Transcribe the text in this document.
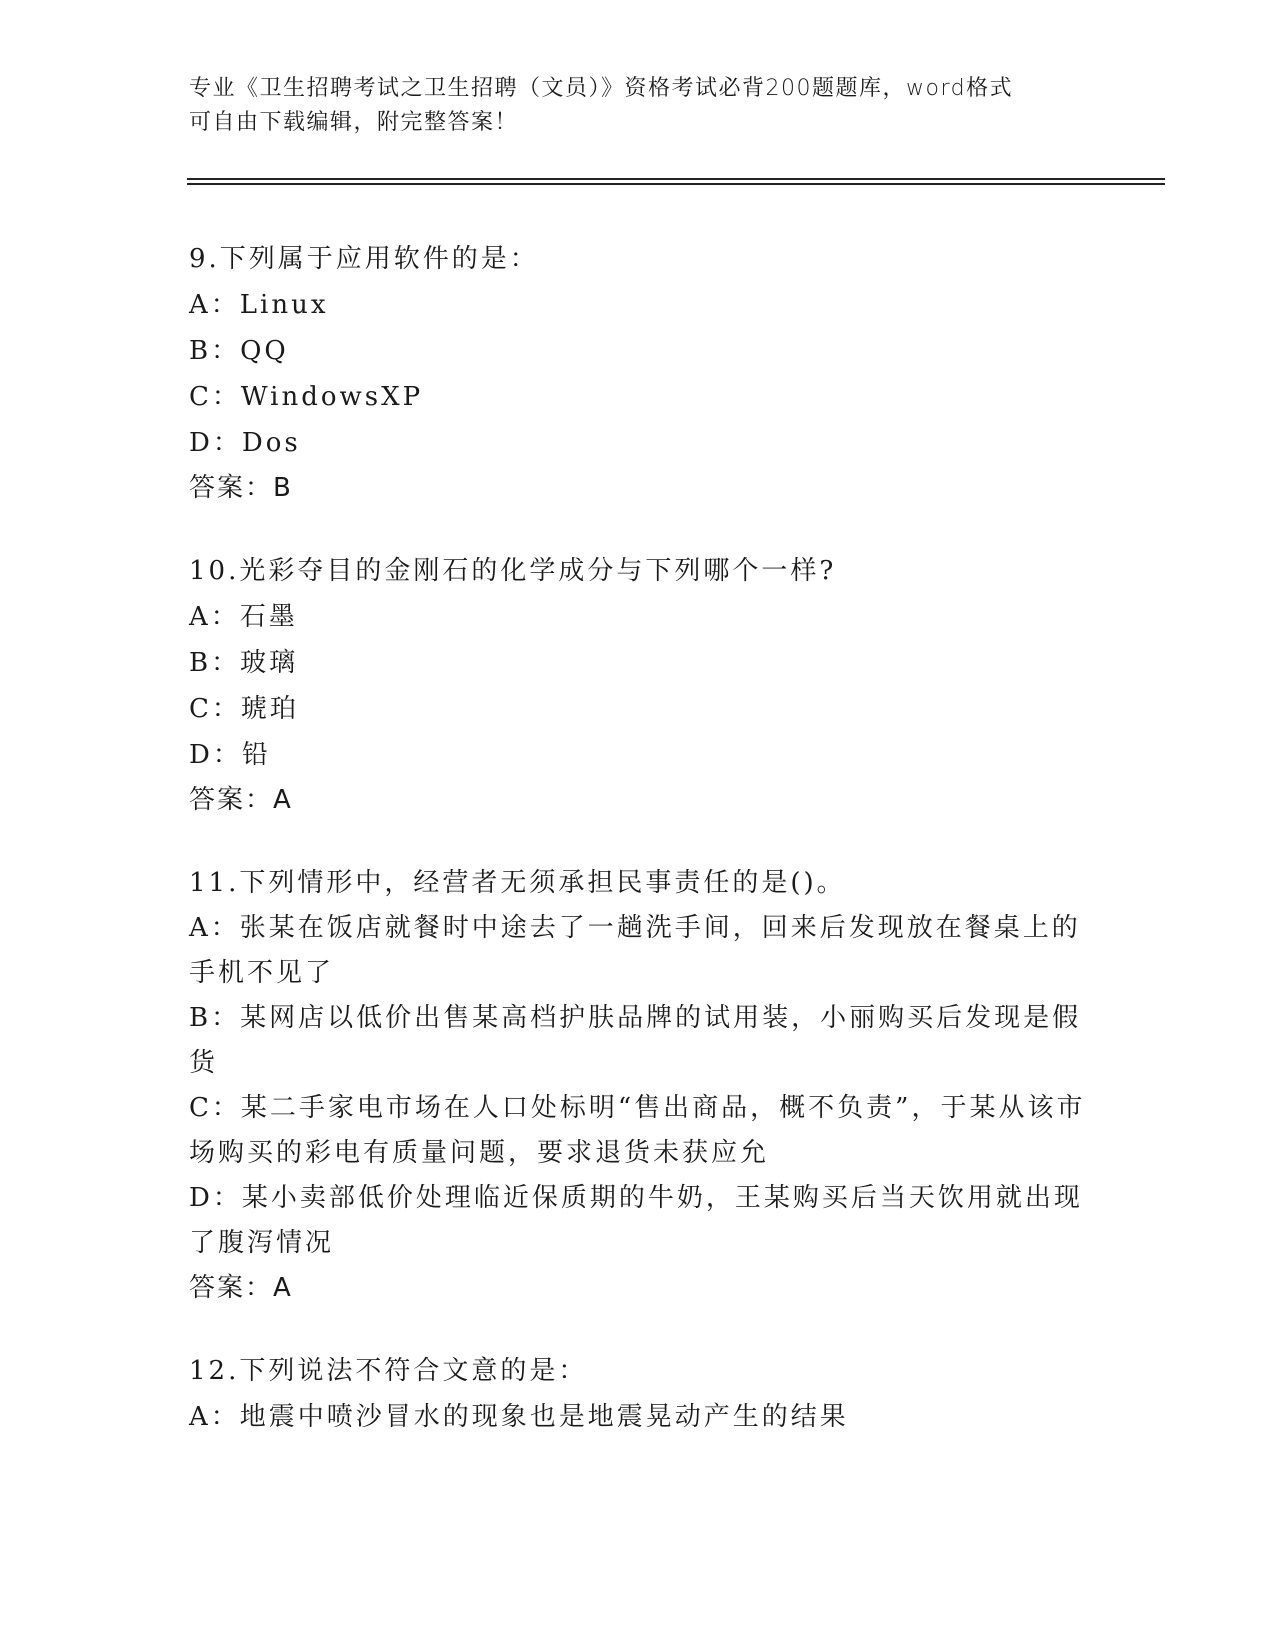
专业《卫生招聘考试之卫生招聘（文员）》资格考试必背200题题库，word格式
可自由下载编辑，附完整答案！
9.下列属于应用软件的是：
A：Linux
B：QQ
C：WindowsXP
D：Dos
答案：B
10.光彩夺目的金刚石的化学成分与下列哪个一样?
A：石墨
B：玻璃
C：琥珀
D：铅
答案：A
11.下列情形中，经营者无须承担民事责任的是()。
A：张某在饭店就餐时中途去了一趟洗手间，回来后发现放在餐桌上的手机不见了
B：某网店以低价出售某高档护肤品牌的试用装，小丽购买后发现是假货
C：某二手家电市场在人口处标明“售出商品，概不负责”，于某从该市场购买的彩电有质量问题，要求退货未获应允
D：某小卖部低价处理临近保质期的牛奶，王某购买后当天饮用就出现了腹泻情况
答案：A
12.下列说法不符合文意的是：
A：地震中喷沙冒水的现象也是地震晃动产生的结果
